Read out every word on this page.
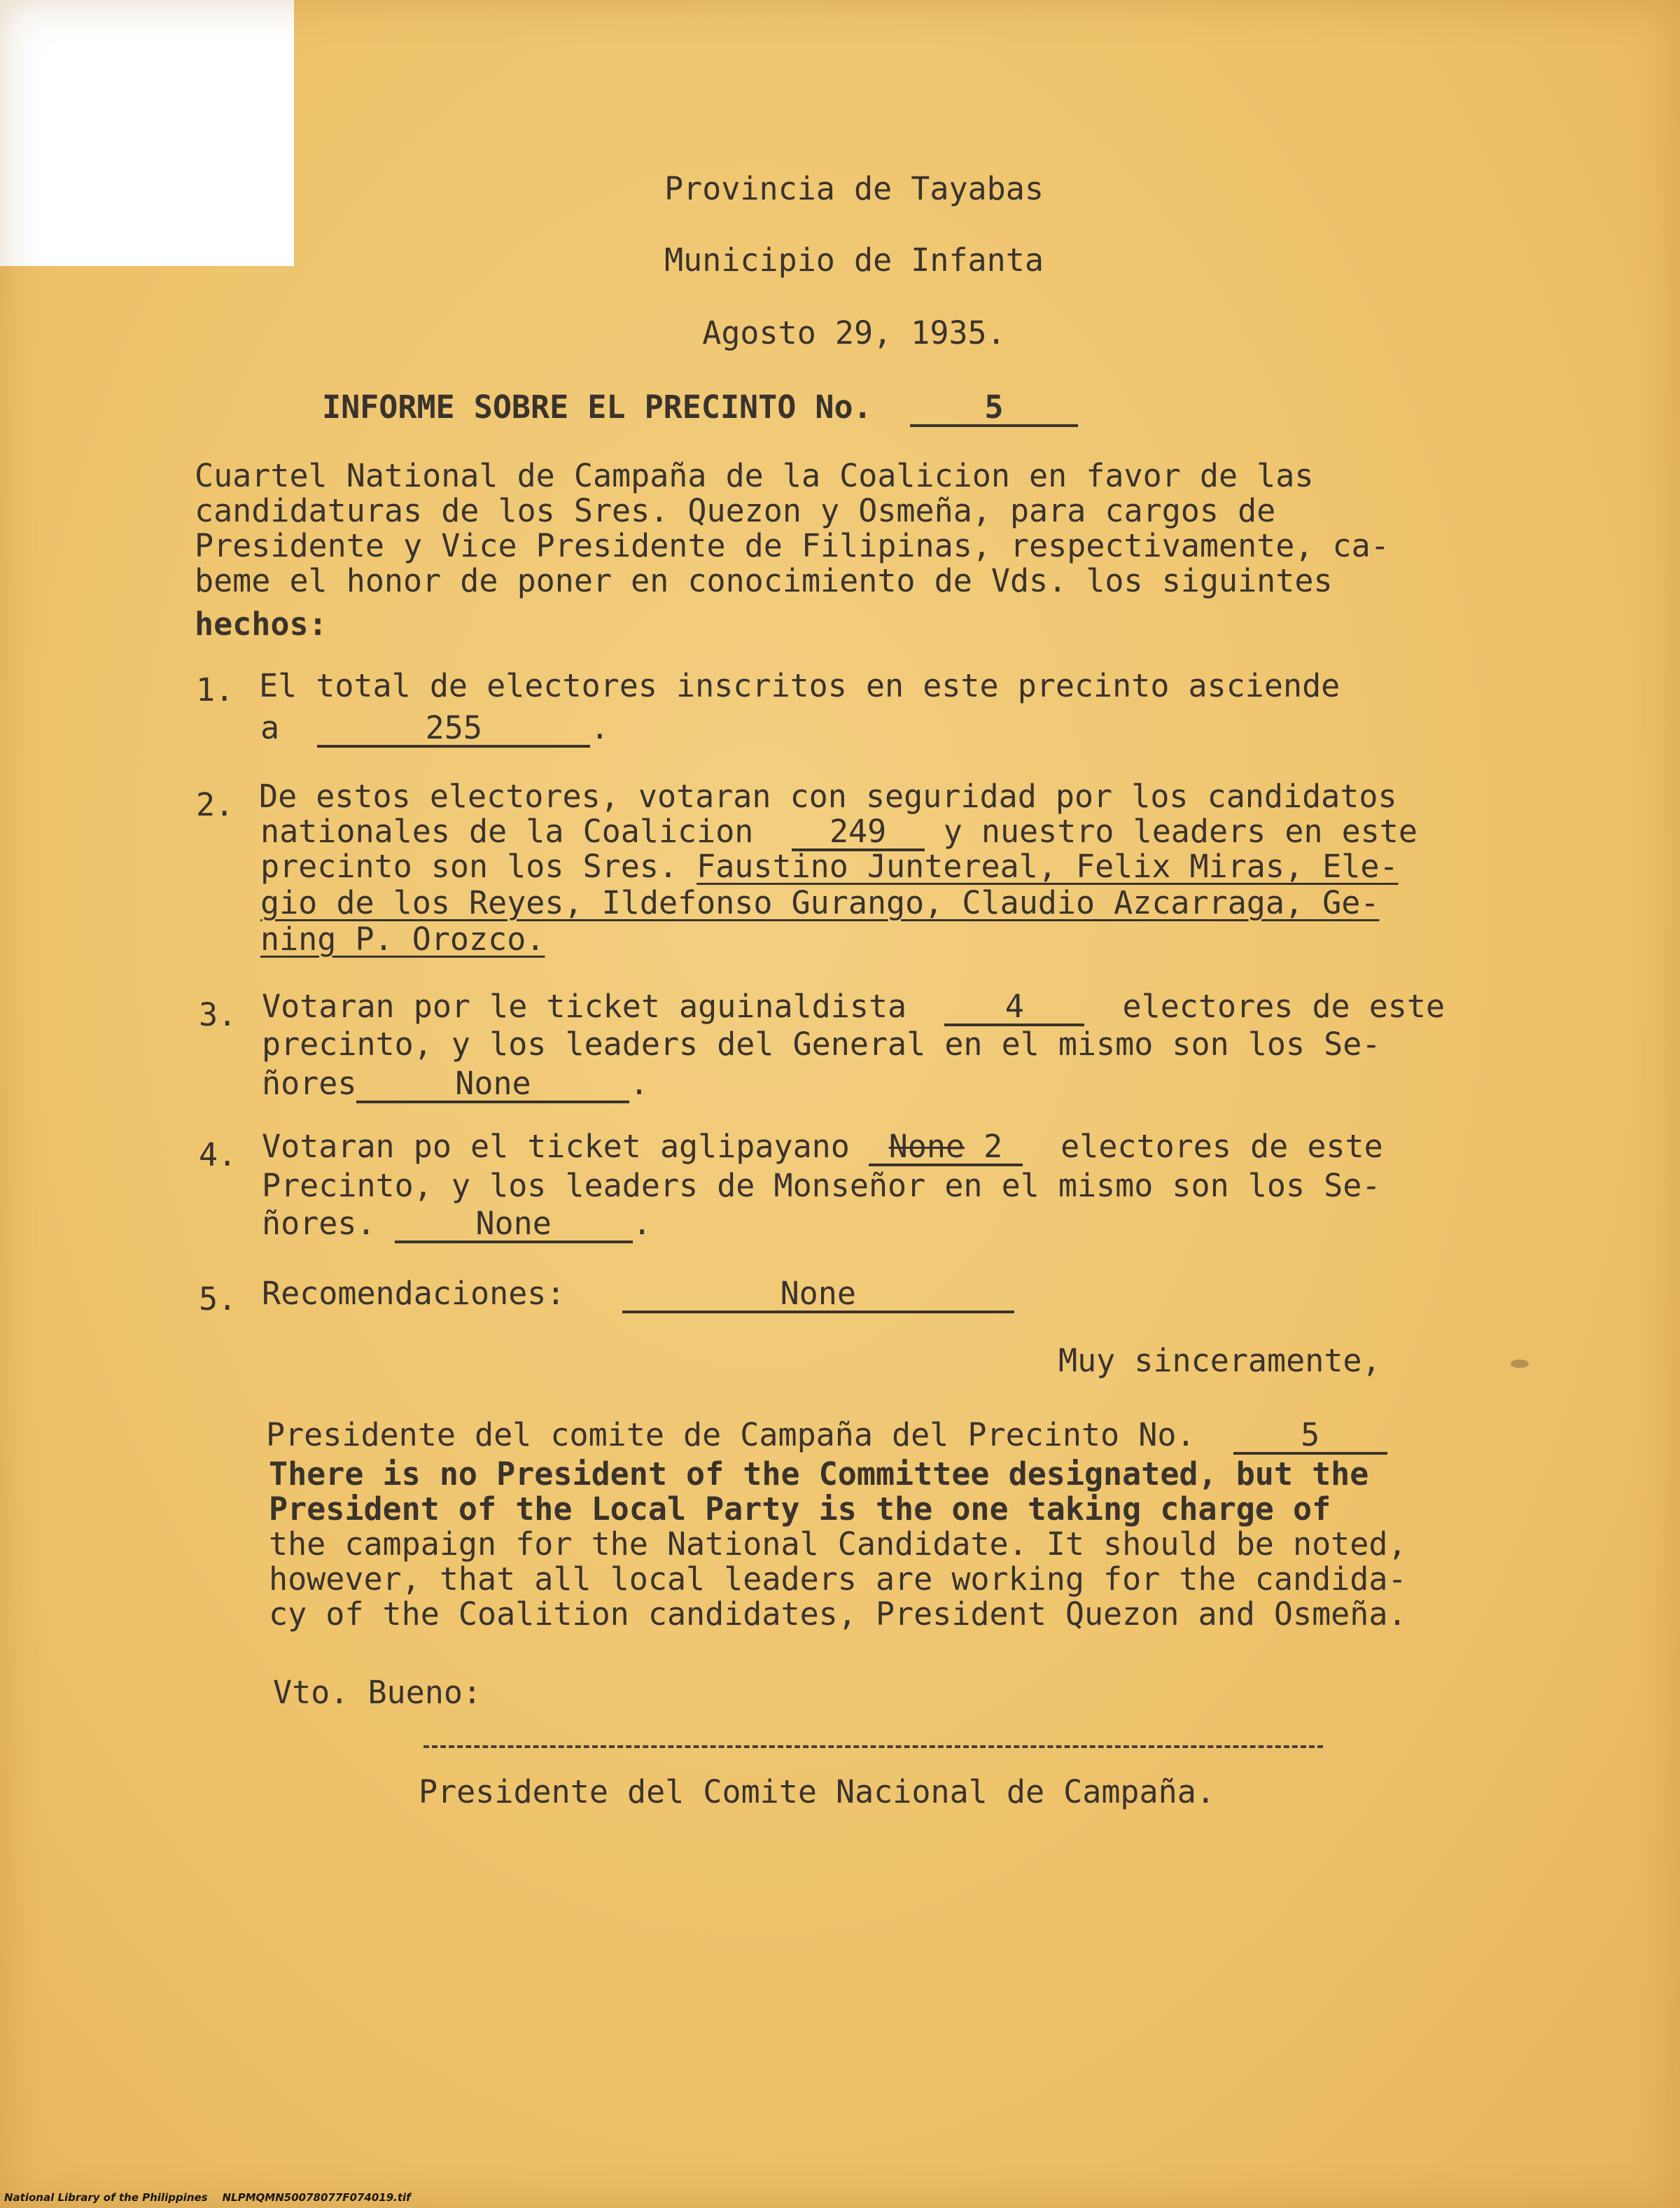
Provincia de Tayabas
Municipio de Infanta
Agosto 29, 1935.
INFORME SOBRE EL PRECINTO No.	5
Cuartel National de Campaña de la Coalicion en favor de las
candidaturas de los Sres. Quezon y Osmeña, para cargos de
Presidente y Vice Presidente de Filipinas, respectivamente, ca-
beme el honor de poner en conocimiento de Vds. los siguintes
hechos:
1. El total de electores inscritos en este precinto asciende
a	255	.
2. De estos electores, votaran con seguridad por los candidatos
nationales de la Coalicion 249 y nuestro leaders en este
precinto son los Sres. Faustino Juntereal, Felix Miras, Ele-
gio de los Reyes, Ildefonso Gurango, Claudio Azcarraga, Ge-
ning P. Orozco.
3. Votaran por le ticket aguinaldista	4	electores de este
precinto, y los leaders del General en el mismo son los Se-
ñores	None	.
4. Votaran po el ticket aglipayano None 2 electores de este
Precinto, y los leaders de Monseñor en el mismo son los Se-
ñores.	None	.
5. Recomendaciones:	None
Muy sinceramente,
Presidente del comite de Campaña del Precinto No.	5
There is no President of the Committee designated, but the
President of the Local Party is the one taking charge of
the campaign for the National Candidate. It should be noted,
however, that all local leaders are working for the candida-
cy of the Coalition candidates, President Quezon and Osmeña.
Vto. Bueno:
Presidente del Comite Nacional de Campaña.
National Library of the Philippines NLPMQMN50078077F074019.tif
